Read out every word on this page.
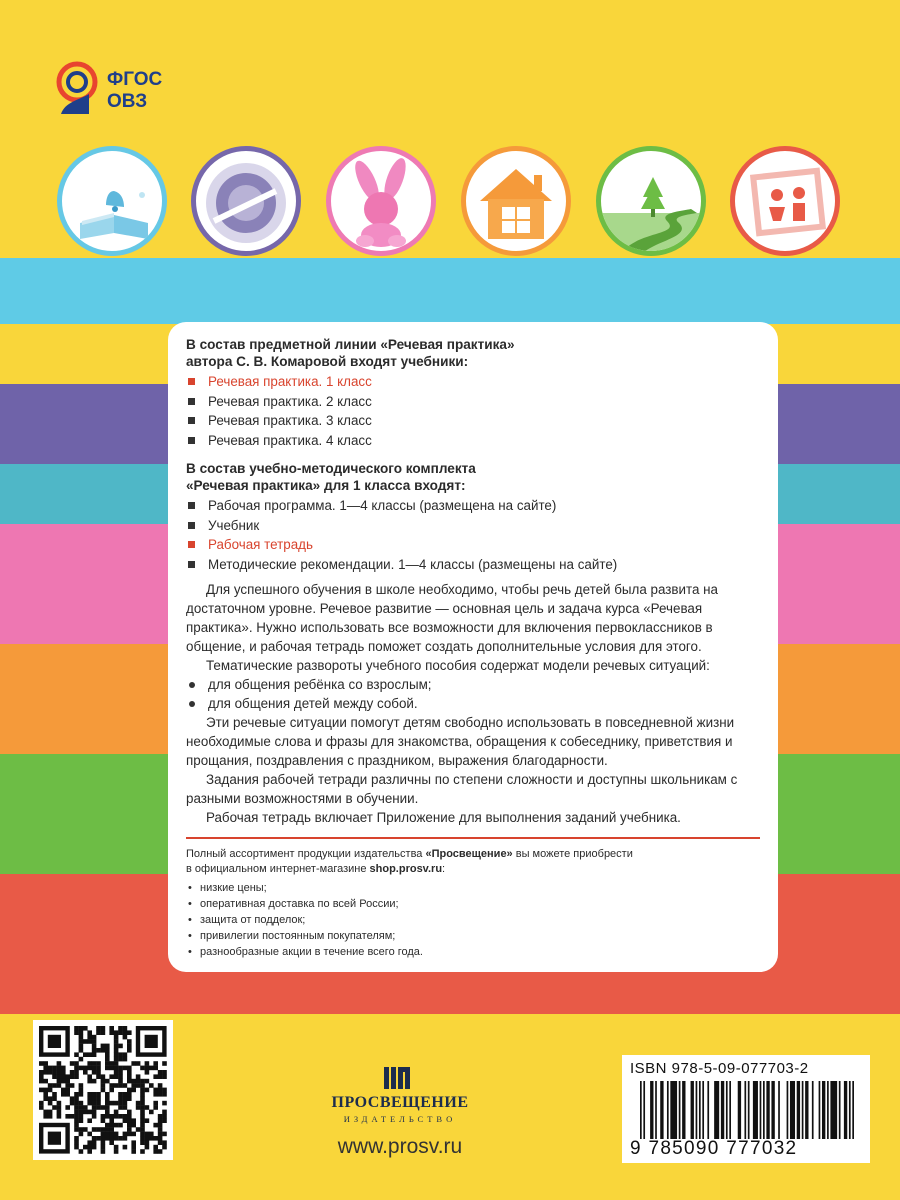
ФГОС
ОВЗ
В состав предметной линии «Речевая практика»
автора С. В. Комаровой входят учебники:
Речевая практика. 1 класс
Речевая практика. 2 класс
Речевая практика. 3 класс
Речевая практика. 4 класс
В состав учебно-методического комплекта
«Речевая практика» для 1 класса входят:
Рабочая программа. 1—4 классы (размещена на сайте)
Учебник
Рабочая тетрадь
Методические рекомендации. 1—4 классы (размещены на сайте)

Для успешного обучения в школе необходимо, чтобы речь детей была развита на достаточном уровне. Речевое развитие — основная цель и задача курса «Речевая практика». Нужно использовать все возможности для включения первоклассников в общение, и рабочая тетрадь поможет создать дополнительные условия для этого.

Тематические развороты учебного пособия содержат модели речевых ситуаций:

для общения ребёнка со взрослым;
для общения детей между собой.

Эти речевые ситуации помогут детям свободно использовать в повседневной жизни необходимые слова и фразы для знакомства, обращения к собеседнику, приветствия и прощания, поздравления с праздником, выражения благодарности.

Задания рабочей тетради различны по степени сложности и доступны школьникам с разными возможностями в обучении.

Рабочая тетрадь включает Приложение для выполнения заданий учебника.

Полный ассортимент продукции издательства «Просвещение» вы можете приобрести
в официальном интернет-магазине shop.prosv.ru:
• низкие цены;
• оперативная доставка по всей России;
• защита от подделок;
• привилегии постоянным покупателям;
• разнообразные акции в течение всего года.
ПРОСВЕЩЕНИЕ
ИЗДАТЕЛЬСТВО
www.prosv.ru
ISBN 978-5-09-077703-2
9 785090 777032
